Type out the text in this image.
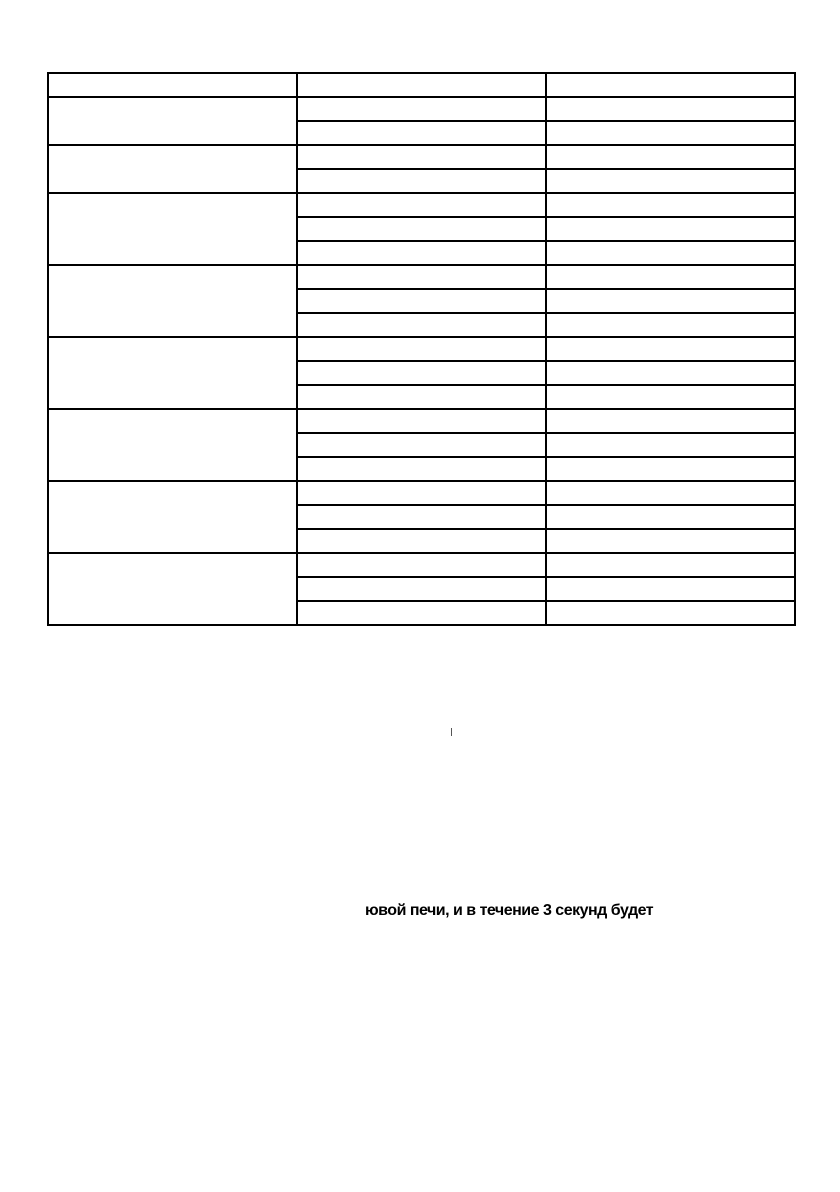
ювой печи, и в течение 3 секунд будет
